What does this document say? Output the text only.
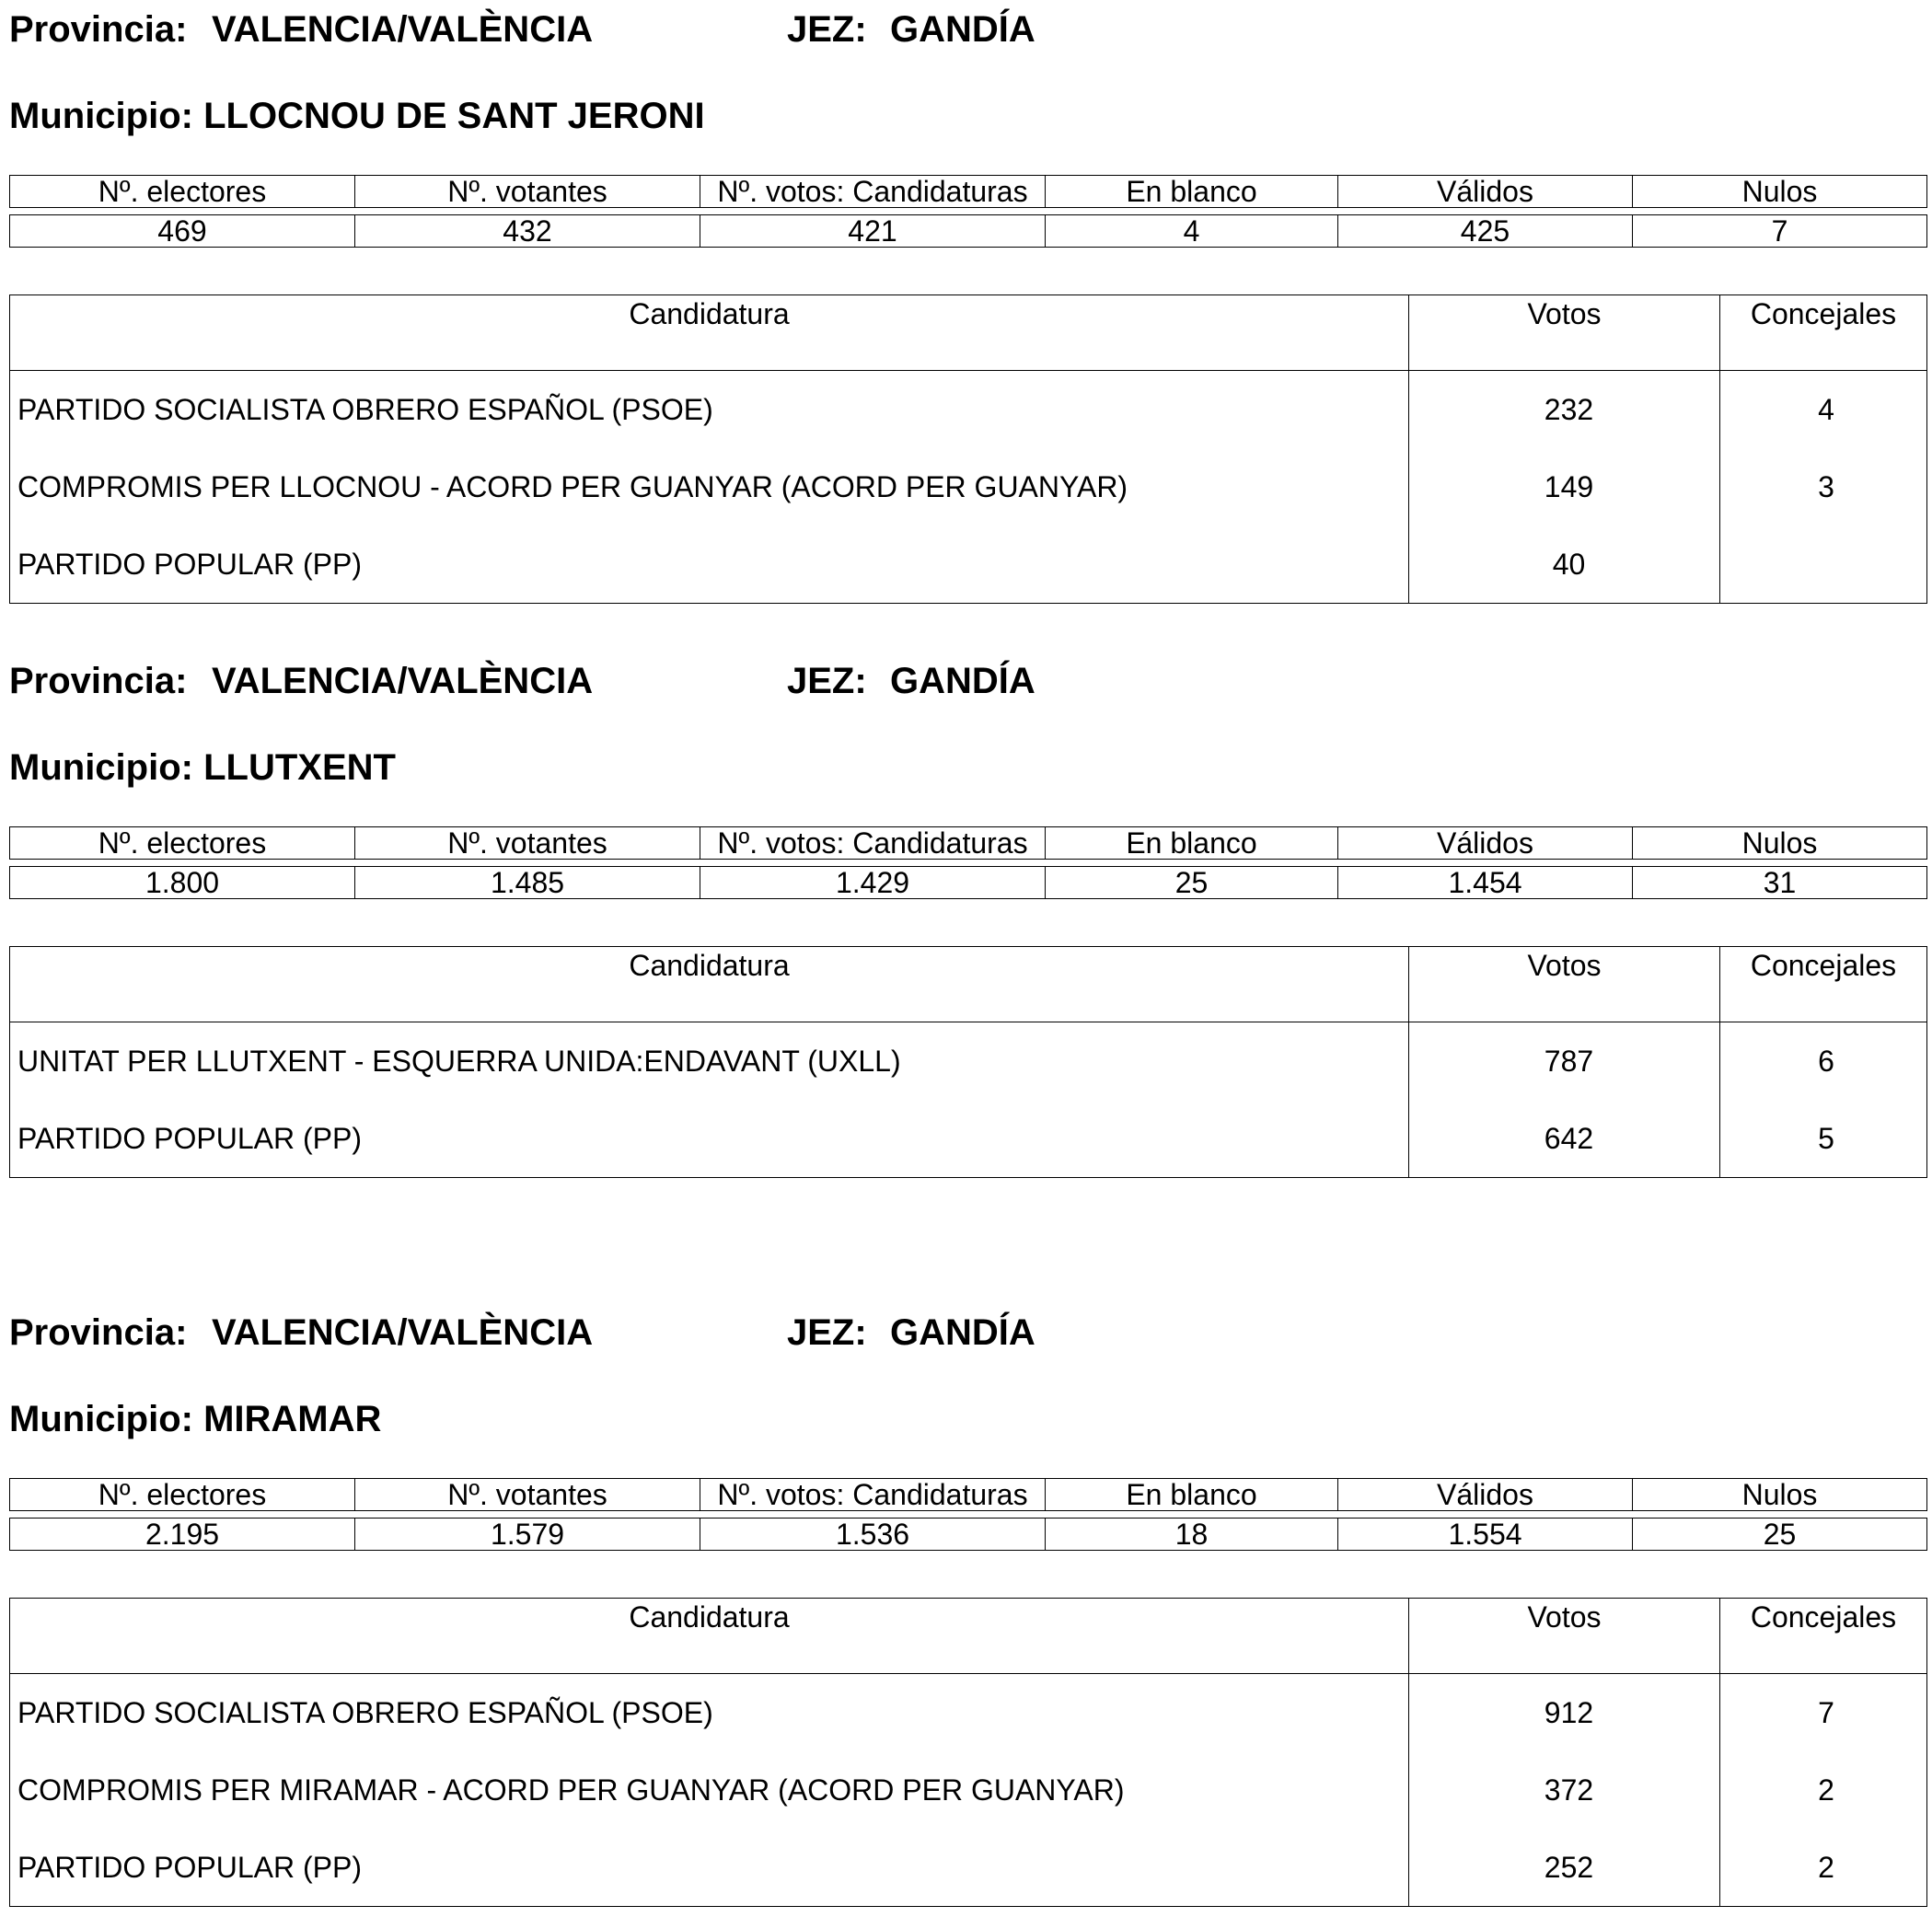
Provincia: VALENCIA/VALÈNCIA	JEZ: GANDÍA
Municipio: LLOCNOU DE SANT JERONI
Nº. electores	Nº. votantes	Nº. votos: Candidaturas	En blanco	Válidos	Nulos
469	432	421	4	425	7
Candidatura	Votos	Concejales
PARTIDO SOCIALISTA OBRERO ESPAÑOL (PSOE)	232	4
COMPROMIS PER LLOCNOU - ACORD PER GUANYAR (ACORD PER GUANYAR)	149	3
PARTIDO POPULAR (PP)	40	
Provincia: VALENCIA/VALÈNCIA	JEZ: GANDÍA
Municipio: LLUTXENT
Nº. electores	Nº. votantes	Nº. votos: Candidaturas	En blanco	Válidos	Nulos
1.800	1.485	1.429	25	1.454	31
Candidatura	Votos	Concejales
UNITAT PER LLUTXENT - ESQUERRA UNIDA:ENDAVANT (UXLL)	787	6
PARTIDO POPULAR (PP)	642	5
Provincia: VALENCIA/VALÈNCIA	JEZ: GANDÍA
Municipio: MIRAMAR
Nº. electores	Nº. votantes	Nº. votos: Candidaturas	En blanco	Válidos	Nulos
2.195	1.579	1.536	18	1.554	25
Candidatura	Votos	Concejales
PARTIDO SOCIALISTA OBRERO ESPAÑOL (PSOE)	912	7
COMPROMIS PER MIRAMAR - ACORD PER GUANYAR (ACORD PER GUANYAR)	372	2
PARTIDO POPULAR (PP)	252	2
